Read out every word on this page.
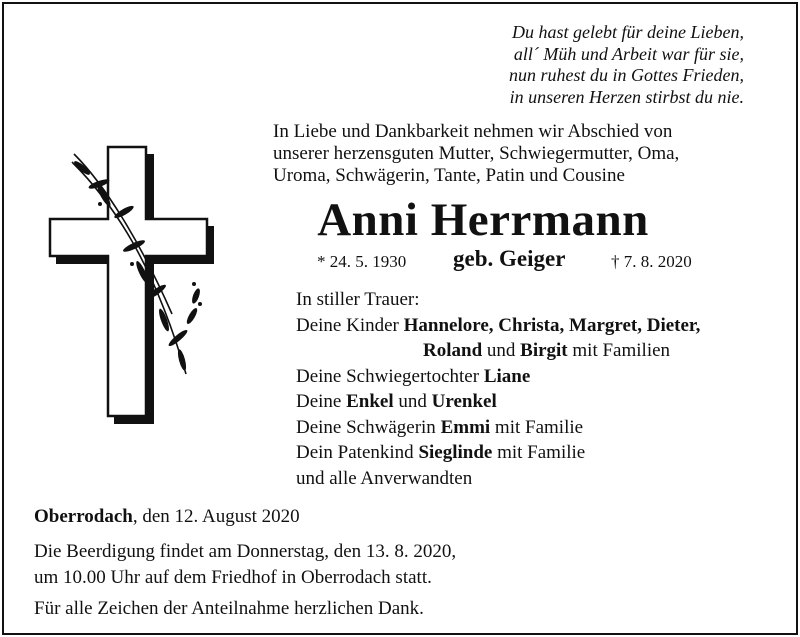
Du hast gelebt für deine Lieben,
all´ Müh und Arbeit war für sie,
nun ruhest du in Gottes Frieden,
in unseren Herzen stirbst du nie.
In Liebe und Dankbarkeit nehmen wir Abschied von
unserer herzensguten Mutter, Schwiegermutter, Oma,
Uroma, Schwägerin, Tante, Patin und Cousine
Anni Herrmann
* 24. 5. 1930 geb. Geiger	† 7. 8. 2020
In stiller Trauer:
Deine Kinder Hannelore, Christa, Margret, Dieter,
Roland und Birgit mit Familien
Deine Schwiegertochter Liane
Deine Enkel und Urenkel
Deine Schwägerin Emmi mit Familie
Dein Patenkind Sieglinde mit Familie
und alle Anverwandten
Oberrodach, den 12. August 2020
Die Beerdigung findet am Donnerstag, den 13. 8. 2020,
um 10.00 Uhr auf dem Friedhof in Oberrodach statt.
Für alle Zeichen der Anteilnahme herzlichen Dank.
